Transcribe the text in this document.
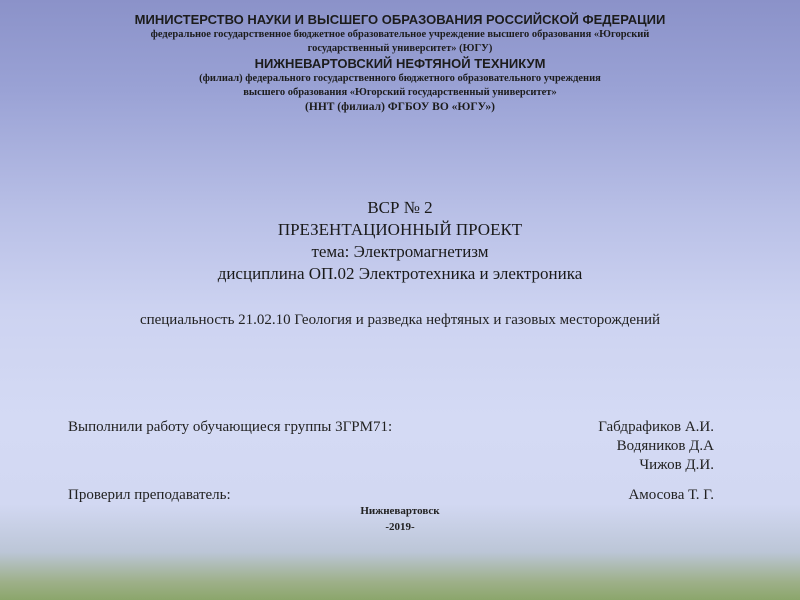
МИНИСТЕРСТВО НАУКИ И ВЫСШЕГО ОБРАЗОВАНИЯ РОССИЙСКОЙ ФЕДЕРАЦИИ
федеральное государственное бюджетное образовательное учреждение высшего образования «Югорский
государственный университет» (ЮГУ)
НИЖНЕВАРТОВСКИЙ НЕФТЯНОЙ ТЕХНИКУМ
(филиал) федерального государственного бюджетного образовательного учреждения
высшего образования «Югорский государственный университет»
(ННТ (филиал) ФГБОУ ВО «ЮГУ»)
ВСР № 2
ПРЕЗЕНТАЦИОННЫЙ ПРОЕКТ
тема: Электромагнетизм
дисциплина ОП.02 Электротехника и электроника
специальность 21.02.10 Геология и разведка нефтяных и газовых месторождений
Выполнили работу обучающиеся группы 3ГРМ71:	Габдрафиков А.И.
Водяников Д.А
Чижов Д.И.
Проверил преподаватель:	Амосова Т. Г.
Нижневартовск
-2019-
